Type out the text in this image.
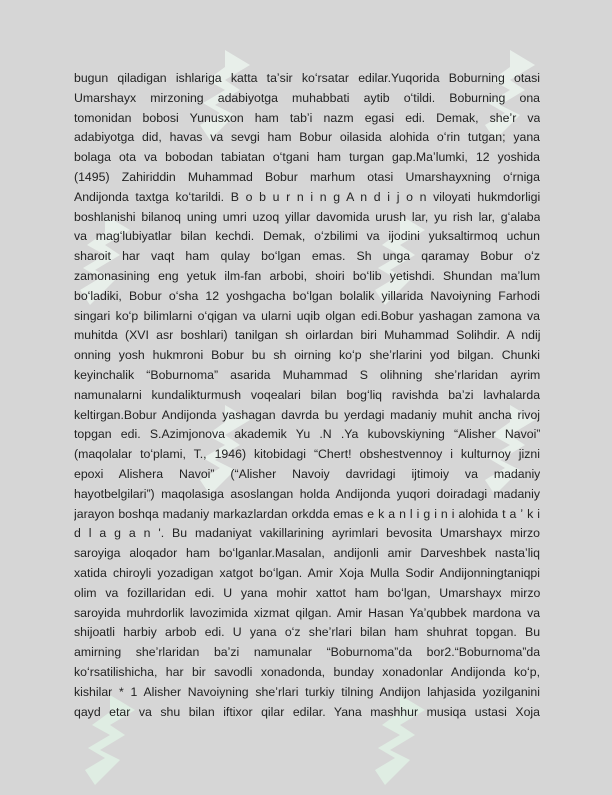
bugun qiladigan ishlariga katta taʼsir koʻrsatar edilar.Yuqorida Boburning otasi
Umarshayx mirzoning adabiyotga muhabbati aytib oʻtildi. Boburning ona
tomonidan bobosi Yunusxon ham tabʼi nazm egasi edi. Demak, sheʼr va
adabiyotga did, havas va sevgi ham Bobur oilasida alohida oʻrin tutgan; yana
bolaga ota va bobodan tabiatan oʻtgani ham turgan gap.Maʼlumki, 12 yoshida
(1495) Zahiriddin Muhammad Bobur marhum otasi Umarshayxning oʻrniga
Andijonda taxtga koʻtarildi. B o b u r n i n g A n d i j o n viloyati hukmdorligi
boshlanishi bilanoq uning umri uzoq yillar davomida urush lar, yu rish lar, gʻalaba
va magʻlubiyatlar bilan kechdi. Demak, oʻzbilimi va ijodini yuksaltirmoq uchun
sharoit har vaqt ham qulay boʻlgan emas. Sh unga qaramay Bobur oʻz
zamonasining eng yetuk ilm-fan arbobi, shoiri boʻlib yetishdi. Shundan maʼlum
boʻladiki, Bobur oʻsha 12 yoshgacha boʻlgan bolalik yillarida Navoiyning Farhodi
singari koʻp bilimlarni oʻqigan va ularni uqib olgan edi.Bobur yashagan zamona va
muhitda (XVI asr boshlari) tanilgan sh oirlardan biri Muhammad Solihdir. A ndij
onning yosh hukmroni Bobur bu sh oirning koʻp sheʼrlarini yod bilgan. Chunki
keyinchalik “Boburnoma” asarida Muhammad S olihning sheʼrlaridan ayrim
namunalarni kundalikturmush voqealari bilan bogʻliq ravishda baʼzi lavhalarda
keltirgan.Bobur Andijonda yashagan davrda bu yerdagi madaniy muhit ancha rivoj
topgan edi. S.Azimjonova akademik Yu .N .Ya kubovskiyning “Alisher Navoi”
(maqolalar toʻplami, T., 1946) kitobidagi “Chert! obshestvennoy i kulturnoy jizni
epoxi Alishera Navoi” (“Alisher Navoiy davridagi ijtimoiy va madaniy
hayotbelgilari”) maqolasiga asoslangan holda Andijonda yuqori doiradagi madaniy
jarayon boshqa madaniy markazlardan orkdda emas e k a n l i g i n i alohida t a ʼ k i
d l a g a n '. Bu madaniyat vakillarining ayrimlari bevosita Umarshayx mirzo
saroyiga aloqador ham boʻlganlar.Masalan, andijonli amir Darveshbek nastaʼliq
xatida chiroyli yozadigan xatgot boʻlgan. Amir Xoja Mulla Sodir Andijonningtaniqpi
olim va fozillaridan edi. U yana mohir xattot ham boʻlgan, Umarshayx mirzo
saroyida muhrdorlik lavozimida xizmat qilgan. Amir Hasan Yaʼqubbek mardona va
shijoatli harbiy arbob edi. U yana oʻz sheʼrlari bilan ham shuhrat topgan. Bu
amirning sheʼrlaridan baʼzi namunalar “Boburnoma”da bor2.“Boburnoma”da
koʻrsatilishicha, har bir savodli xonadonda, bunday xonadonlar Andijonda koʻp,
kishilar * 1 Alisher Navoiyning sheʼrlari turkiy tilning Andijon lahjasida yozilganini
qayd etar va shu bilan iftixor qilar edilar. Yana mashhur musiqa ustasi Xoja
